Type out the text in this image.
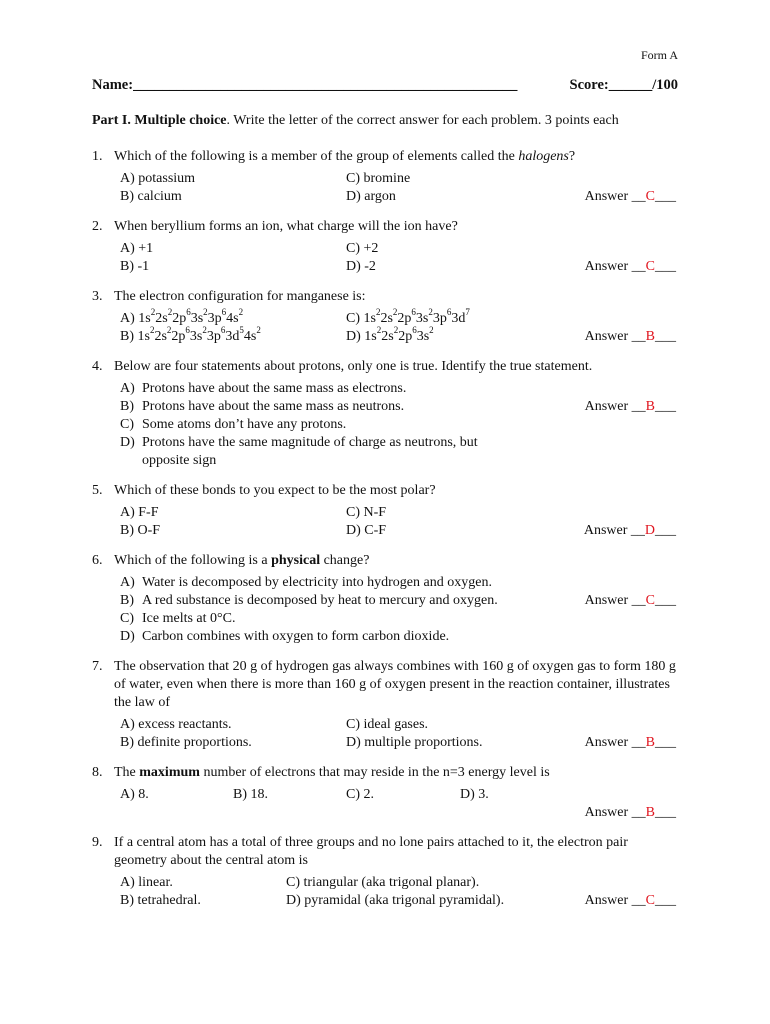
Form A
Name:_____________________________________________________	Score:______/100
Part I. Multiple choice. Write the letter of the correct answer for each problem. 3 points each
1. Which of the following is a member of the group of elements called the halogens?
A) potassium
B) calcium
C) bromine
D) argon	Answer __C___
2. When beryllium forms an ion, what charge will the ion have?
A) +1
B) -1
C) +2
D) -2	Answer __C___
3. The electron configuration for manganese is:
A) $1s^22s^22p^63s^23p^64s^2$
B) $1s^22s^22p^63s^23p^63d^54s^2$
C) $1s^22s^22p^63s^23p^63d^7$
D) $1s^22s^22p^63s^2$	Answer __B___
4. Below are four statements about protons, only one is true. Identify the true statement.
A) Protons have about the same mass as electrons.
B) Protons have about the same mass as neutrons.
C) Some atoms don’t have any protons.
D) Protons have the same magnitude of charge as neutrons, but opposite sign
Answer __B___
5. Which of these bonds to you expect to be the most polar?
A) F-F
B) O-F
C) N-F
D) C-F	Answer __D___
6. Which of the following is a physical change?
A) Water is decomposed by electricity into hydrogen and oxygen.
B) A red substance is decomposed by heat to mercury and oxygen.
C) Ice melts at 0°C.
D) Carbon combines with oxygen to form carbon dioxide.
Answer __C___
7. The observation that 20 g of hydrogen gas always combines with 160 g of oxygen gas to form 180 g of water, even when there is more than 160 g of oxygen present in the reaction container, illustrates the law of
A) excess reactants.
B) definite proportions.
C) ideal gases.
D) multiple proportions.	Answer __B___
8. The maximum number of electrons that may reside in the n=3 energy level is
A) 8.	B) 18.	C) 2.	D) 3.
Answer __B___
9. If a central atom has a total of three groups and no lone pairs attached to it, the electron pair geometry about the central atom is
A) linear.
B) tetrahedral.
C) triangular (aka trigonal planar).
D) pyramidal (aka trigonal pyramidal).	Answer __C___
